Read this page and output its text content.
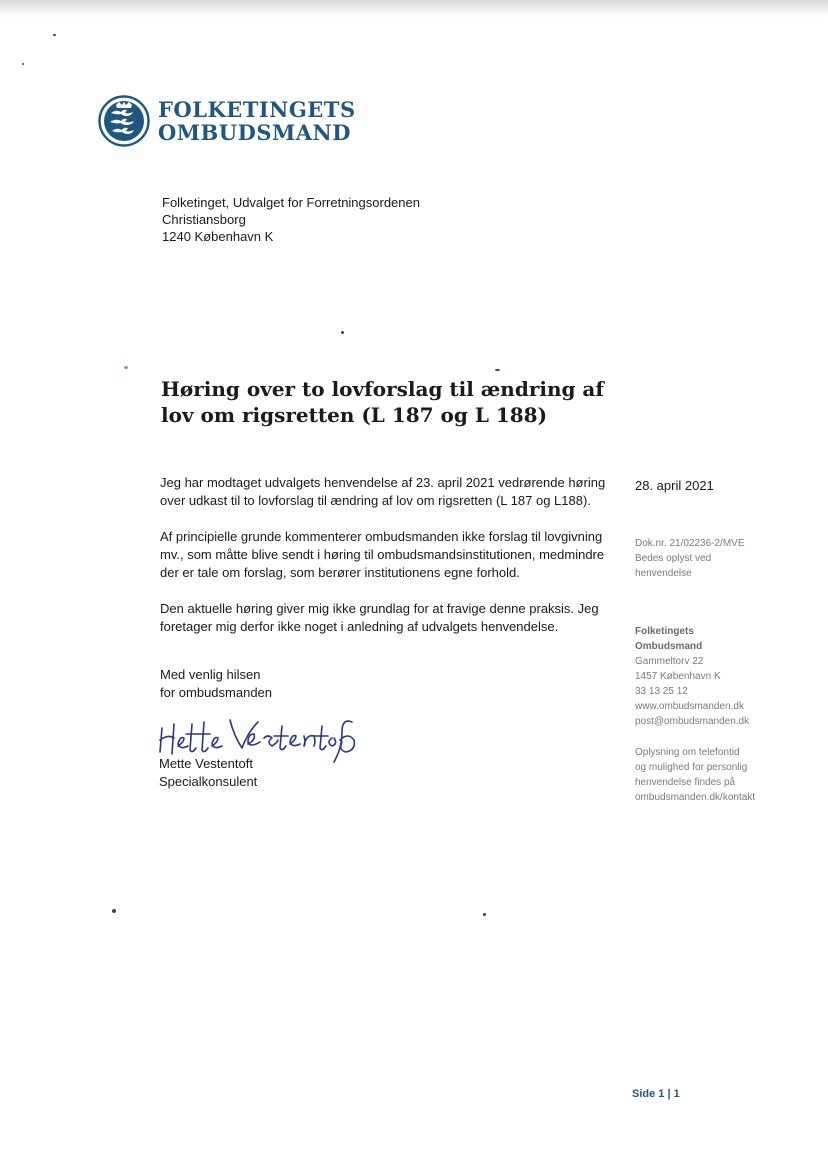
FOLKETINGETS
OMBUDSMAND
Folketinget, Udvalget for Forretningsordenen
Christiansborg
1240 København K
Høring over to lovforslag til ændring af lov om rigsretten (L 187 og L 188)

Jeg har modtaget udvalgets henvendelse af 23. april 2021 vedrørende høring over udkast til to lovforslag til ændring af lov om rigsretten (L 187 og L188).

Af principielle grunde kommenterer ombudsmanden ikke forslag til lovgivning mv., som måtte blive sendt i høring til ombudsmandsinstitutionen, medmindre der er tale om forslag, som berører institutionens egne forhold.

Den aktuelle høring giver mig ikke grundlag for at fravige denne praksis. Jeg foretager mig derfor ikke noget i anledning af udvalgets henvendelse.

Med venlig hilsen
for ombudsmanden
Mette Vestentoft
Specialkonsulent
28. april 2021
Dok.nr. 21/02236-2/MVE
Bedes oplyst ved
henvendelse
Folketingets
Ombudsmand
Gammeltorv 22
1457 København K
33 13 25 12
www.ombudsmanden.dk
post@ombudsmanden.dk
Oplysning om telefontid
og mulighed for personlig
henvendelse findes på
ombudsmanden.dk/kontakt
Side 1 | 1
